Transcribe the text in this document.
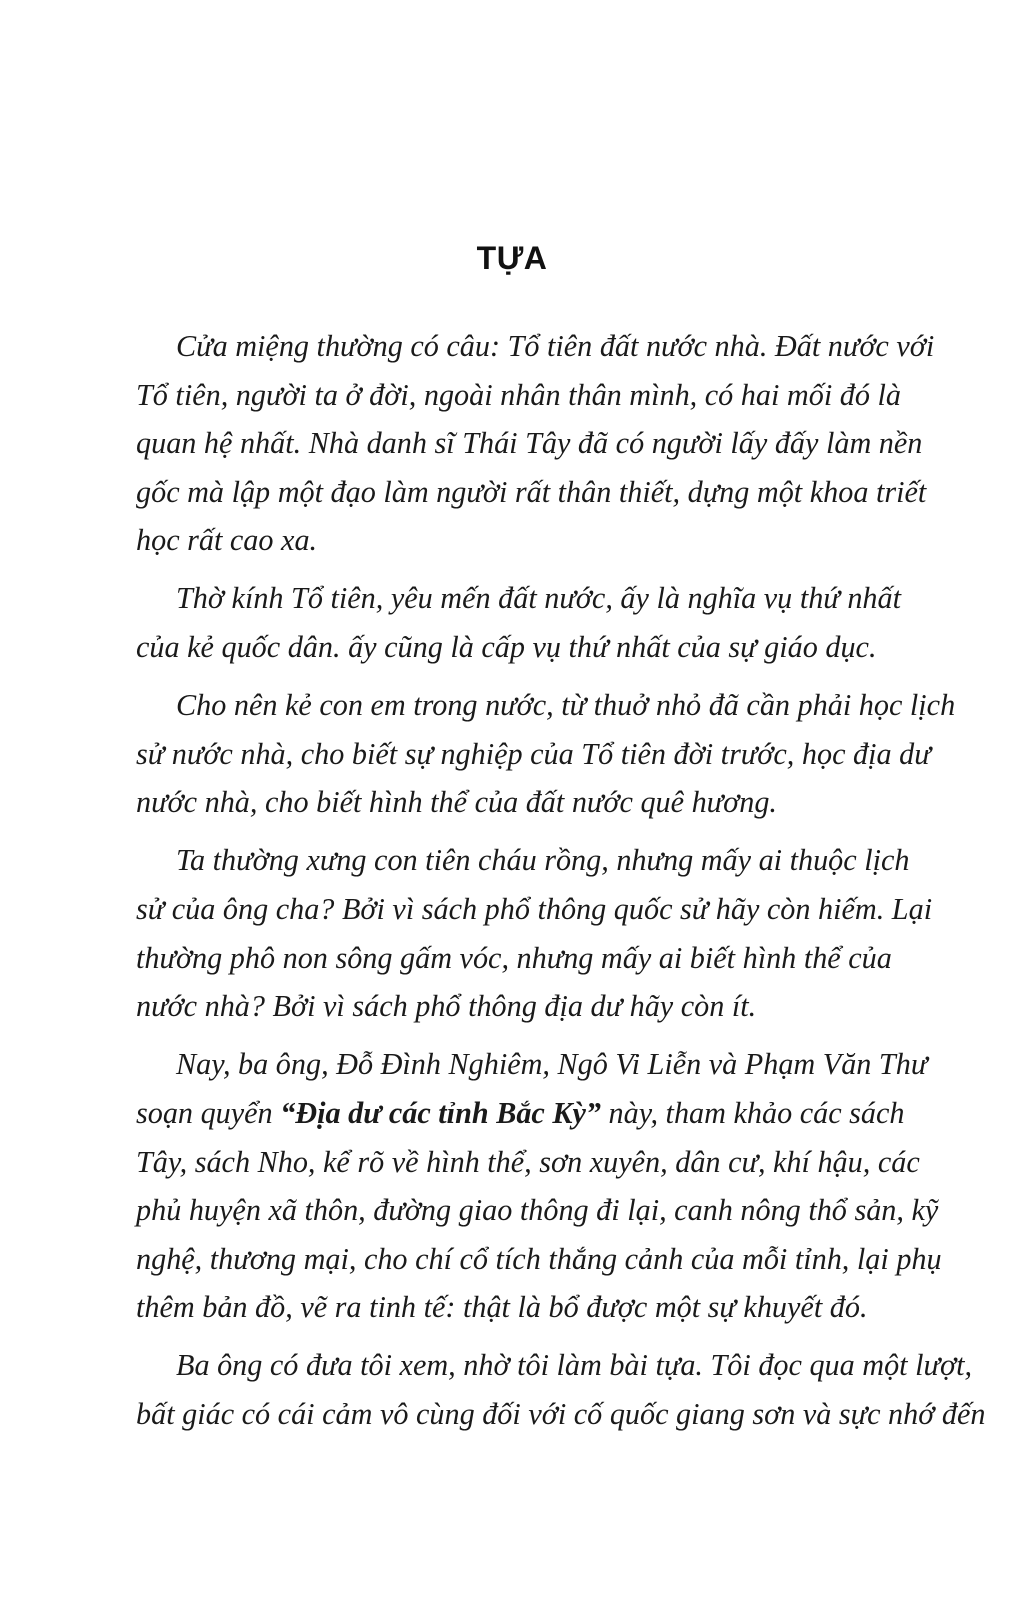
TỰA
Cửa miệng thường có câu: Tổ tiên đất nước nhà. Đất nước với
Tổ tiên, người ta ở đời, ngoài nhân thân mình, có hai mối đó là
quan hệ nhất. Nhà danh sĩ Thái Tây đã có người lấy đấy làm nền
gốc mà lập một đạo làm người rất thân thiết, dựng một khoa triết
học rất cao xa.
Thờ kính Tổ tiên, yêu mến đất nước, ấy là nghĩa vụ thứ nhất
của kẻ quốc dân. ấy cũng là cấp vụ thứ nhất của sự giáo dục.
Cho nên kẻ con em trong nước, từ thuở nhỏ đã cần phải học lịch
sử nước nhà, cho biết sự nghiệp của Tổ tiên đời trước, học địa dư
nước nhà, cho biết hình thể của đất nước quê hương.
Ta thường xưng con tiên cháu rồng, nhưng mấy ai thuộc lịch
sử của ông cha? Bởi vì sách phổ thông quốc sử hãy còn hiếm. Lại
thường phô non sông gấm vóc, nhưng mấy ai biết hình thể của
nước nhà? Bởi vì sách phổ thông địa dư hãy còn ít.
Nay, ba ông, Đỗ Đình Nghiêm, Ngô Vi Liễn và Phạm Văn Thư
soạn quyển “Địa dư các tỉnh Bắc Kỳ” này, tham khảo các sách
Tây, sách Nho, kể rõ về hình thể, sơn xuyên, dân cư, khí hậu, các
phủ huyện xã thôn, đường giao thông đi lại, canh nông thổ sản, kỹ
nghệ, thương mại, cho chí cổ tích thắng cảnh của mỗi tỉnh, lại phụ
thêm bản đồ, vẽ ra tinh tế: thật là bổ được một sự khuyết đó.
Ba ông có đưa tôi xem, nhờ tôi làm bài tựa. Tôi đọc qua một lượt,
bất giác có cái cảm vô cùng đối với cố quốc giang sơn và sực nhớ đến
